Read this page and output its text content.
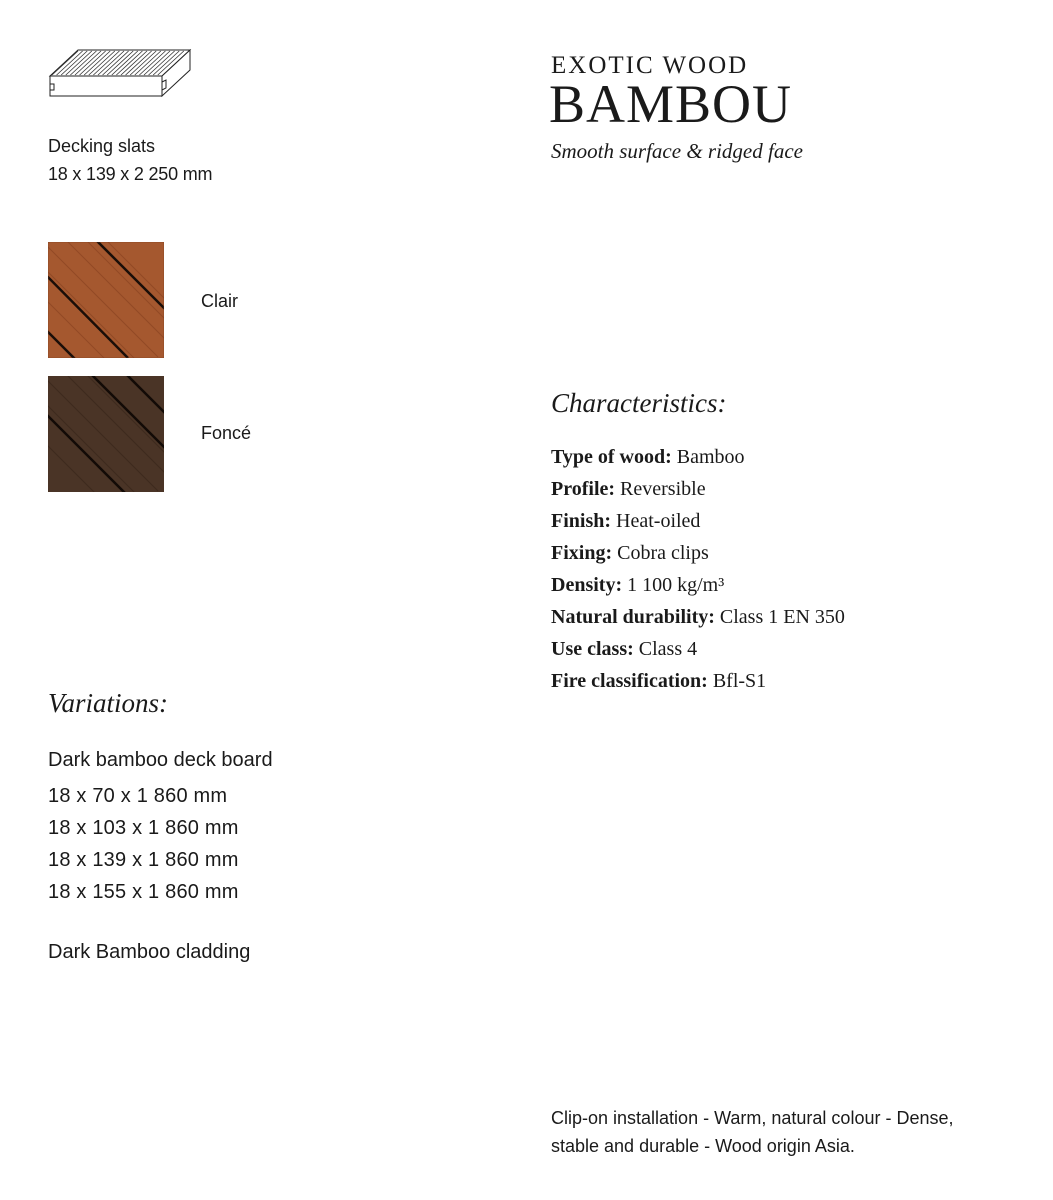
Decking slats
18 x 139 x 2 250 mm
Clair
Foncé
Variations:
Dark bamboo deck board
18 x 70 x 1 860 mm
18 x 103 x 1 860 mm
18 x 139 x 1 860 mm
18 x 155 x 1 860 mm
Dark Bamboo cladding
EXOTIC WOOD
BAMBOU
Smooth surface & ridged face
Characteristics:
Type of wood: Bamboo
Profile: Reversible
Finish: Heat-oiled
Fixing: Cobra clips
Density: 1 100 kg/m³
Natural durability: Class 1 EN 350
Use class: Class 4
Fire classification: Bfl-S1
Clip-on installation - Warm, natural colour - Dense, stable and durable - Wood origin Asia.
